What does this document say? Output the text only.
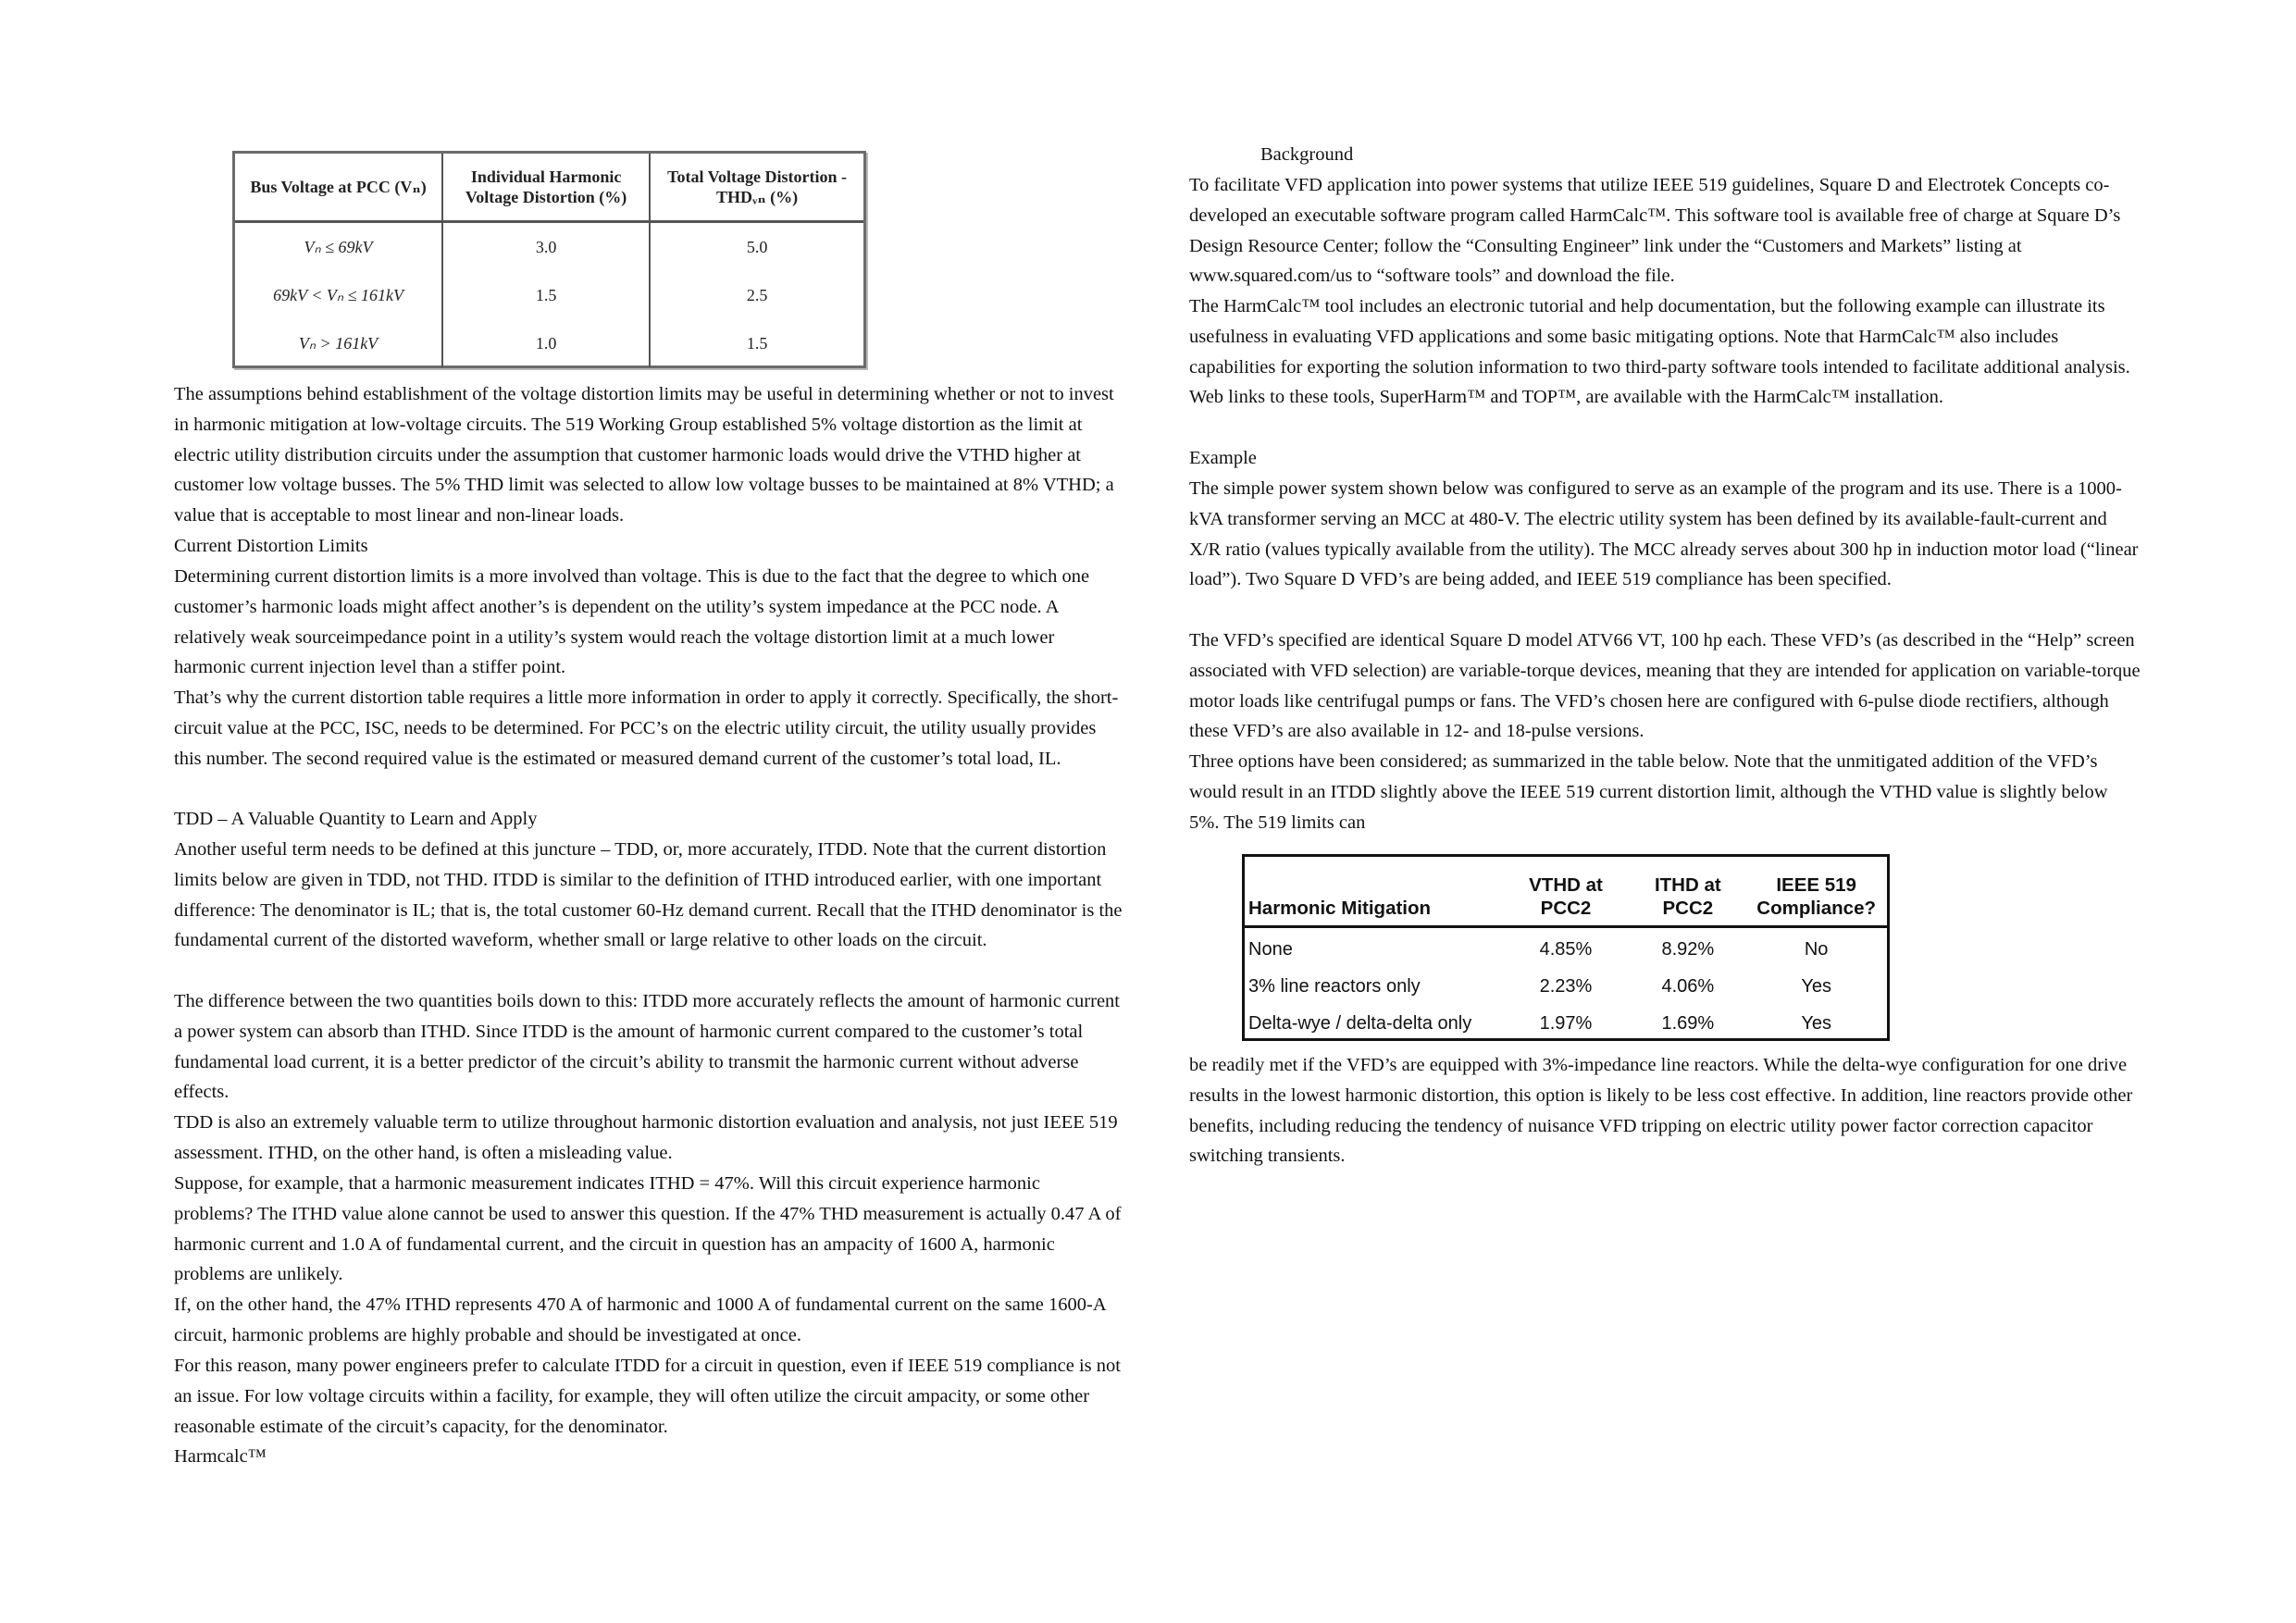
Bus Voltage at PCC (Vₙ)	Individual Harmonic Voltage Distortion (%)	Total Voltage Distortion - THDᵥₙ (%)
Vₙ ≤ 69kV	3.0	5.0
69kV < Vₙ ≤ 161kV	1.5	2.5
Vₙ > 161kV	1.0	1.5

The assumptions behind establishment of the voltage distortion limits may be useful in determining whether or not to invest in harmonic mitigation at low-voltage circuits. The 519 Working Group established 5% voltage distortion as the limit at electric utility distribution circuits under the assumption that customer harmonic loads would drive the VTHD higher at customer low voltage busses. The 5% THD limit was selected to allow low voltage busses to be maintained at 8% VTHD; a value that is acceptable to most linear and non-linear loads.

Current Distortion Limits

Determining current distortion limits is a more involved than voltage. This is due to the fact that the degree to which one customer’s harmonic loads might affect another’s is dependent on the utility’s system impedance at the PCC node. A relatively weak sourceimpedance point in a utility’s system would reach the voltage distortion limit at a much lower harmonic current injection level than a stiffer point.

That’s why the current distortion table requires a little more information in order to apply it correctly. Specifically, the short-circuit value at the PCC, ISC, needs to be determined. For PCC’s on the electric utility circuit, the utility usually provides this number. The second required value is the estimated or measured demand current of the customer’s total load, IL.

TDD – A Valuable Quantity to Learn and Apply

Another useful term needs to be defined at this juncture – TDD, or, more accurately, ITDD. Note that the current distortion limits below are given in TDD, not THD. ITDD is similar to the definition of ITHD introduced earlier, with one important difference: The denominator is IL; that is, the total customer 60-Hz demand current. Recall that the ITHD denominator is the fundamental current of the distorted waveform, whether small or large relative to other loads on the circuit.

The difference between the two quantities boils down to this: ITDD more accurately reflects the amount of harmonic current a power system can absorb than ITHD. Since ITDD is the amount of harmonic current compared to the customer’s total fundamental load current, it is a better predictor of the circuit’s ability to transmit the harmonic current without adverse effects.

TDD is also an extremely valuable term to utilize throughout harmonic distortion evaluation and analysis, not just IEEE 519 assessment. ITHD, on the other hand, is often a misleading value.

Suppose, for example, that a harmonic measurement indicates ITHD = 47%. Will this circuit experience harmonic problems? The ITHD value alone cannot be used to answer this question. If the 47% THD measurement is actually 0.47 A of harmonic current and 1.0 A of fundamental current, and the circuit in question has an ampacity of 1600 A, harmonic problems are unlikely.

If, on the other hand, the 47% ITHD represents 470 A of harmonic and 1000 A of fundamental current on the same 1600-A circuit, harmonic problems are highly probable and should be investigated at once.

For this reason, many power engineers prefer to calculate ITDD for a circuit in question, even if IEEE 519 compliance is not an issue. For low voltage circuits within a facility, for example, they will often utilize the circuit ampacity, or some other reasonable estimate of the circuit’s capacity, for the denominator.

Harmcalc™

Background

To facilitate VFD application into power systems that utilize IEEE 519 guidelines, Square D and Electrotek Concepts co-developed an executable software program called HarmCalc™. This software tool is available free of charge at Square D’s Design Resource Center; follow the “Consulting Engineer” link under the “Customers and Markets” listing at www.squared.com/us to “software tools” and download the file.

The HarmCalc™ tool includes an electronic tutorial and help documentation, but the following example can illustrate its usefulness in evaluating VFD applications and some basic mitigating options. Note that HarmCalc™ also includes capabilities for exporting the solution information to two third-party software tools intended to facilitate additional analysis. Web links to these tools, SuperHarm™ and TOP™, are available with the HarmCalc™ installation.

Example

The simple power system shown below was configured to serve as an example of the program and its use. There is a 1000-kVA transformer serving an MCC at 480-V. The electric utility system has been defined by its available-fault-current and X/R ratio (values typically available from the utility). The MCC already serves about 300 hp in induction motor load (“linear load”). Two Square D VFD’s are being added, and IEEE 519 compliance has been specified.

The VFD’s specified are identical Square D model ATV66 VT, 100 hp each. These VFD’s (as described in the “Help” screen associated with VFD selection) are variable-torque devices, meaning that they are intended for application on variable-torque motor loads like centrifugal pumps or fans. The VFD’s chosen here are configured with 6-pulse diode rectifiers, although these VFD’s are also available in 12- and 18-pulse versions.

Three options have been considered; as summarized in the table below. Note that the unmitigated addition of the VFD’s would result in an ITDD slightly above the IEEE 519 current distortion limit, although the VTHD value is slightly below 5%. The 519 limits can

Harmonic Mitigation	VTHD at PCC2	ITHD at PCC2	IEEE 519 Compliance?
None	4.85%	8.92%	No
3% line reactors only	2.23%	4.06%	Yes
Delta-wye / delta-delta only	1.97%	1.69%	Yes

be readily met if the VFD’s are equipped with 3%-impedance line reactors. While the delta-wye configuration for one drive results in the lowest harmonic distortion, this option is likely to be less cost effective. In addition, line reactors provide other benefits, including reducing the tendency of nuisance VFD tripping on electric utility power factor correction capacitor switching transients.
